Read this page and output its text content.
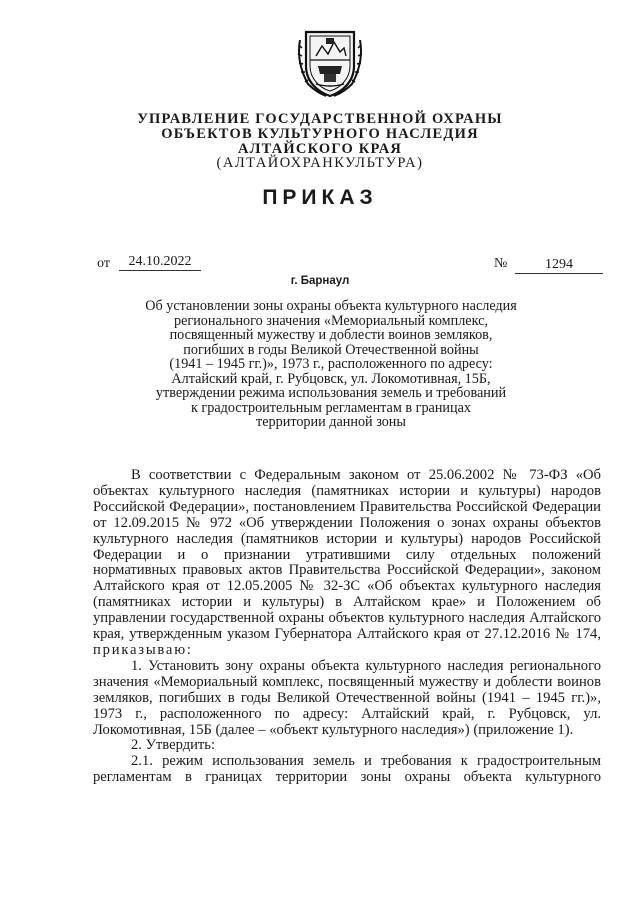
УПРАВЛЕНИЕ ГОСУДАРСТВЕННОЙ ОХРАНЫ
ОБЪЕКТОВ КУЛЬТУРНОГО НАСЛЕДИЯ
АЛТАЙСКОГО КРАЯ
(АЛТАЙОХРАНКУЛЬТУРА)
ПРИКАЗ
от	24.10.2022	№	1294
г. Барнаул
Об установлении зоны охраны объекта культурного наследия
регионального значения «Мемориальный комплекс,
посвященный мужеству и доблести воинов земляков,
погибших в годы Великой Отечественной войны
(1941 – 1945 гг.)», 1973 г., расположенного по адресу:
Алтайский край, г. Рубцовск, ул. Локомотивная, 15Б,
утверждении режима использования земель и требований
к градостроительным регламентам в границах
территории данной зоны

В соответствии с Федеральным законом от 25.06.2002 № 73-ФЗ «Об объектах культурного наследия (памятниках истории и культуры) народов Российской Федерации», постановлением Правительства Российской Федерации от 12.09.2015 № 972 «Об утверждении Положения о зонах охраны объектов культурного наследия (памятников истории и культуры) народов Российской Федерации и о признании утратившими силу отдельных положений нормативных правовых актов Правительства Российской Федерации», законом Алтайского края от 12.05.2005 № 32-ЗС «Об объектах культурного наследия (памятниках истории и культуры) в Алтайском крае» и Положением об управлении государственной охраны объектов культурного наследия Алтайского края, утвержденным указом Губернатора Алтайского края от 27.12.2016 № 174, приказываю:

1. Установить зону охраны объекта культурного наследия регионального значения «Мемориальный комплекс, посвященный мужеству и доблести воинов земляков, погибших в годы Великой Отечественной войны (1941 – 1945 гг.)», 1973 г., расположенного по адресу: Алтайский край, г. Рубцовск, ул. Локомотивная, 15Б (далее – «объект культурного наследия») (приложение 1).

2. Утвердить:

2.1. режим использования земель и требования к градостроительным регламентам в границах территории зоны охраны объекта культурного
